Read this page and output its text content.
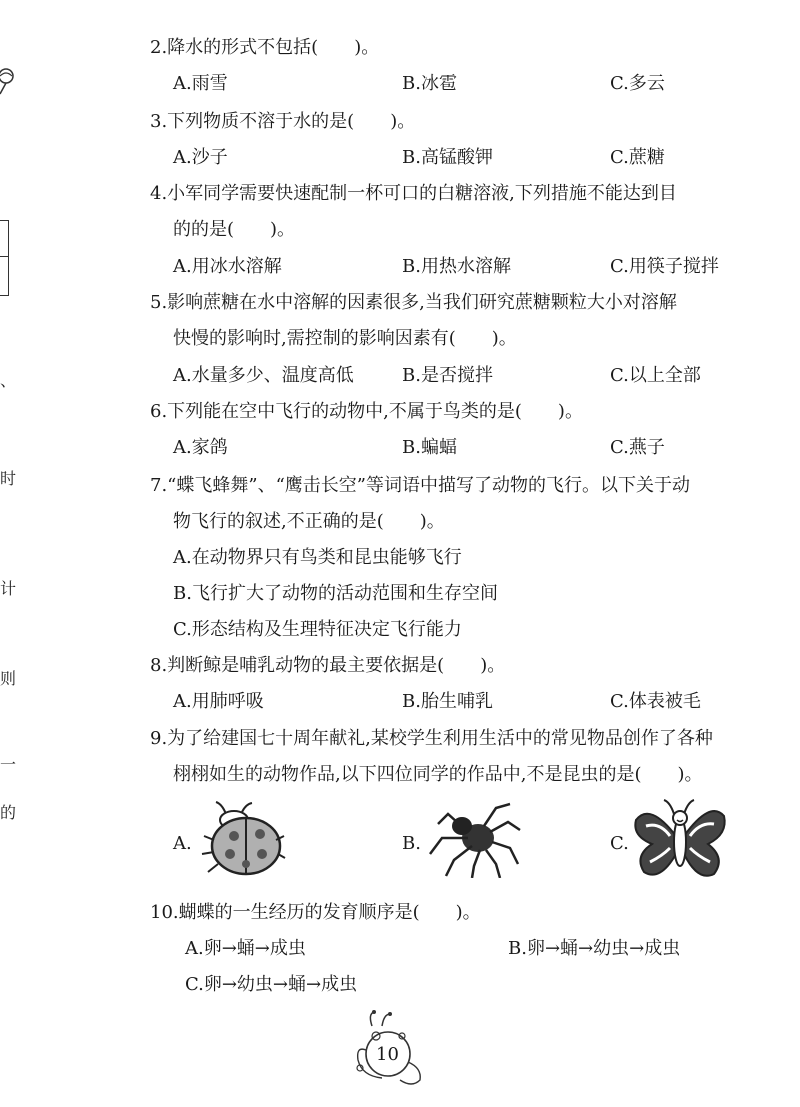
、
时
计
则
一
的
2.降水的形式不包括(　　)。
A.雨雪	B.冰雹	C.多云
3.下列物质不溶于水的是(　　)。
A.沙子	B.高锰酸钾	C.蔗糖
4.小军同学需要快速配制一杯可口的白糖溶液,下列措施不能达到目
的的是(　　)。
A.用冰水溶解	B.用热水溶解	C.用筷子搅拌
5.影响蔗糖在水中溶解的因素很多,当我们研究蔗糖颗粒大小对溶解
快慢的影响时,需控制的影响因素有(　　)。
A.水量多少、温度高低	B.是否搅拌	C.以上全部
6.下列能在空中飞行的动物中,不属于鸟类的是(　　)。
A.家鸽	B.蝙蝠	C.燕子
7.“蝶飞蜂舞”、“鹰击长空”等词语中描写了动物的飞行。以下关于动
物飞行的叙述,不正确的是(　　)。
A.在动物界只有鸟类和昆虫能够飞行
B.飞行扩大了动物的活动范围和生存空间
C.形态结构及生理特征决定飞行能力
8.判断鲸是哺乳动物的最主要依据是(　　)。
A.用肺呼吸	B.胎生哺乳	C.体表被毛
9.为了给建国七十周年献礼,某校学生利用生活中的常见物品创作了各种
栩栩如生的动物作品,以下四位同学的作品中,不是昆虫的是(　　)。
A.	B.	C.
10.蝴蝶的一生经历的发育顺序是(　　)。
A.卵→蛹→成虫	B.卵→蛹→幼虫→成虫
C.卵→幼虫→蛹→成虫
10
